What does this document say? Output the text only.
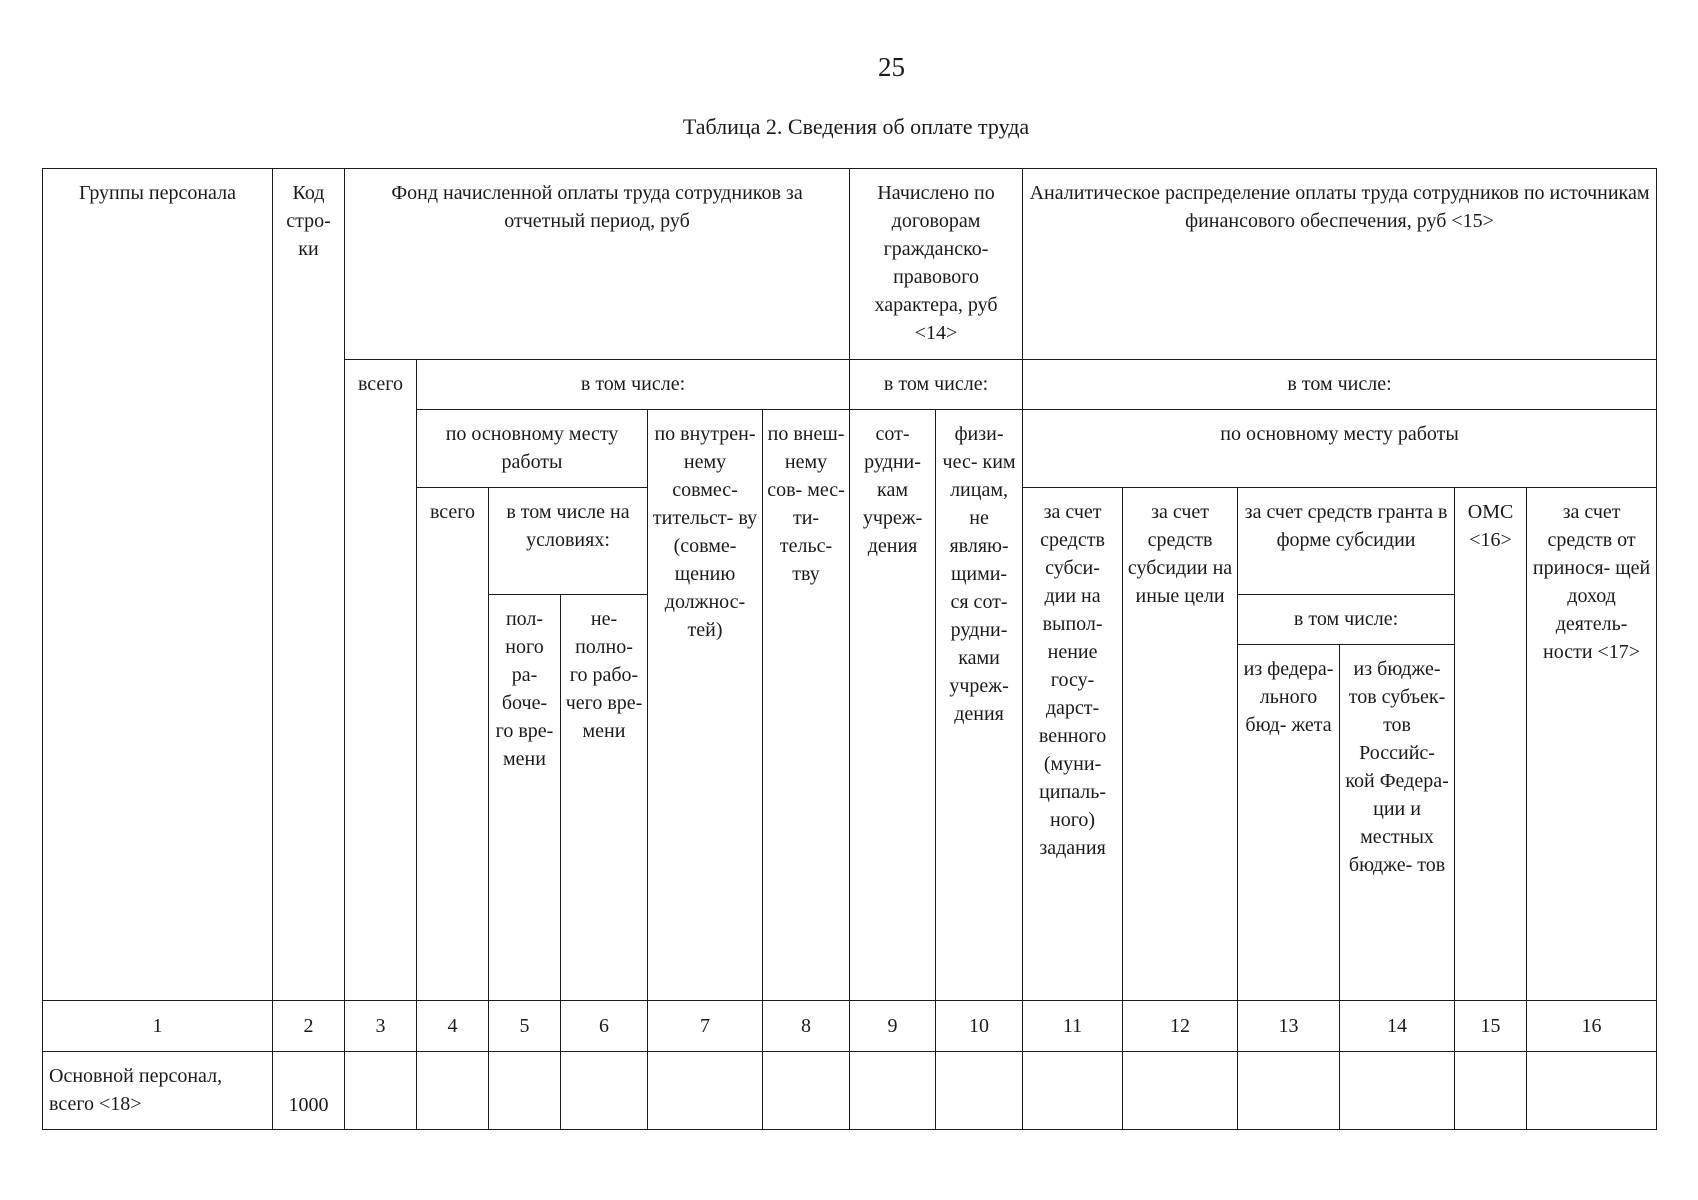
25
Таблица 2. Сведения об оплате труда
Группы персонала	Код стро- ки	Фонд начисленной оплаты труда сотрудников за отчетный период, руб						Начислено по договорам гражданско- правового характера, руб <14>		Аналитическое распределение оплаты труда сотрудников по источникам финансового обеспечения, руб <15>					
		всего	в том числе:					в том числе:		в том числе:					
			по основному месту работы			по внутрен- нему совмес- тительст- ву (совме- щению должнос- тей)	по внеш- нему сов- мес- ти- тельс- тву	сот- рудни- кам учреж- дения	физи- чес- ким лицам, не являю- щими- ся сот- рудни- ками учреж- дения	по основному месту работы					
			всего	в том числе на условиях:						за счет средств субси- дии на выпол- нение госу- дарст- венного (муни- ципаль- ного) задания	за счет средств субсидии на иные цели	за счет средств гранта в форме субсидии		ОМС <16>	за счет средств от принося- щей доход деятель- ности <17>
				пол- ного ра- боче- го вре- мени	не- полно- го рабо- чего вре- мени							в том числе:			
												из федера- льного бюд- жета	из бюдже- тов субъек- тов Российс- кой Федера- ции и местных бюдже- тов		
1	2	3	4	5	6	7	8	9	10	11	12	13	14	15	16
Основной персонал, всего <18>	1000														
